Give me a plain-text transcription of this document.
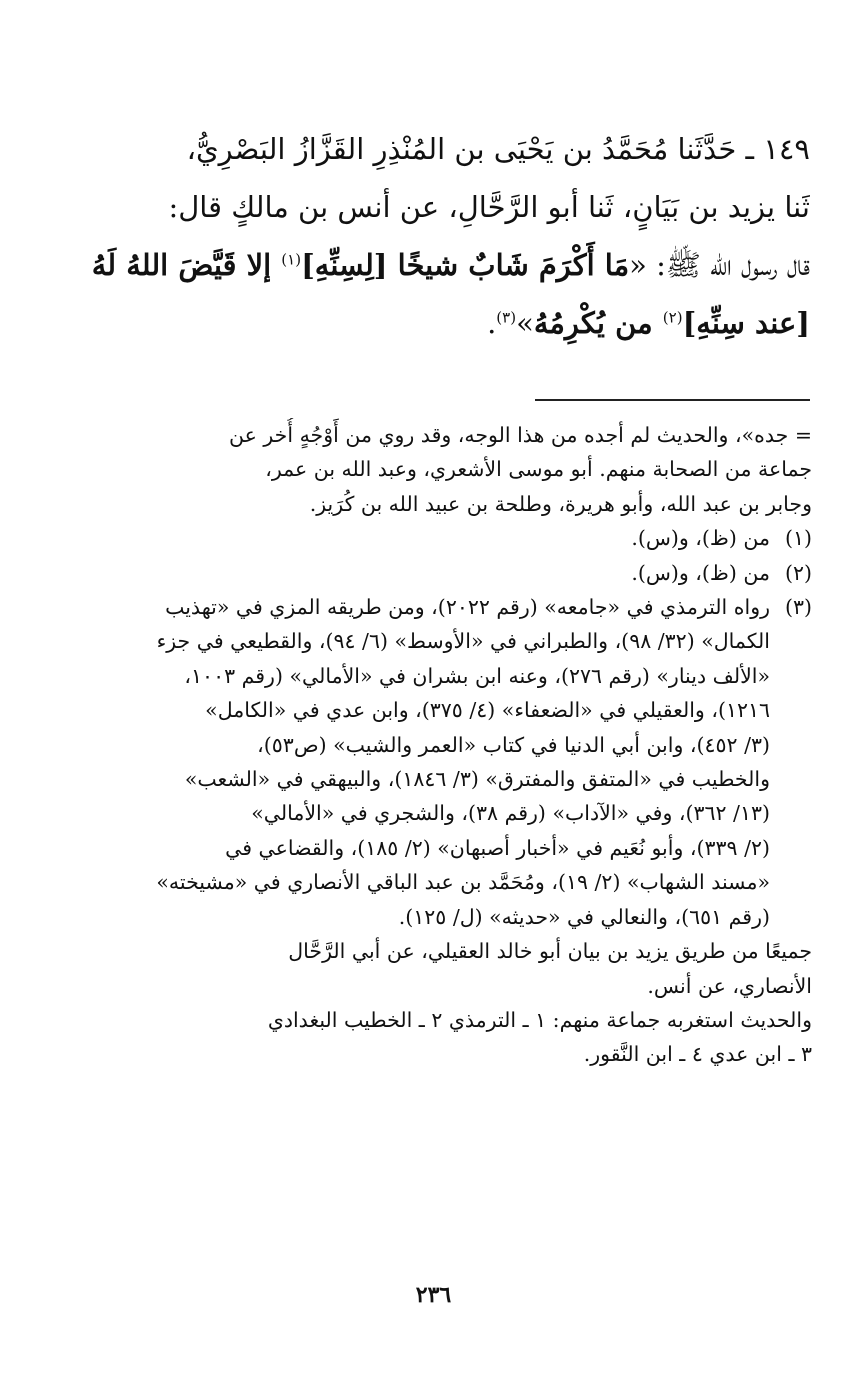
١٤٩ ـ حَدَّثَنا مُحَمَّدُ بن يَحْيَى بن المُنْذِرِ القَزَّازُ البَصْرِيُّ،
ثَنا يزيد بن بَيَانٍ، ثَنا أبو الرَّحَّالِ، عن أنس بن مالكٍ قال:
قال رسول الله ﷺ: «مَا أَكْرَمَ شَابٌ شيخًا [لِسِنِّهِ]$^{(١)}$ إلا قَيَّضَ اللهُ لَهُ
[عند سِنِّهِ]$^{(٢)}$ من يُكْرِمُهُ»$^{(٣)}$.
= جده»، والحديث لم أجده من هذا الوجه، وقد روي من أَوْجُهٍ أُخر عن
جماعة من الصحابة منهم. أبو موسى الأشعري، وعبد الله بن عمر،
وجابر بن عبد الله، وأبو هريرة، وطلحة بن عبيد الله بن كُرَيز.
(١)من (ظ)، و(س).
(٢)من (ظ)، و(س).
(٣)رواه الترمذي في «جامعه» (رقم ٢٠٢٢)، ومن طريقه المزي في «تهذيب
الكمال» (٣٢/ ٩٨)، والطبراني في «الأوسط» (٦/ ٩٤)، والقطيعي في جزء
«الألف دينار» (رقم ٢٧٦)، وعنه ابن بشران في «الأمالي» (رقم ١٠٠٣،
١٢١٦)، والعقيلي في «الضعفاء» (٤/ ٣٧٥)، وابن عدي في «الكامل»
(٣/ ٤٥٢)، وابن أبي الدنيا في كتاب «العمر والشيب» (ص٥٣)،
والخطيب في «المتفق والمفترق» (٣/ ١٨٤٦)، والبيهقي في «الشعب»
(١٣/ ٣٦٢)، وفي «الآداب» (رقم ٣٨)، والشجري في «الأمالي»
(٢/ ٣٣٩)، وأبو نُعَيم في «أخبار أصبهان» (٢/ ١٨٥)، والقضاعي في
«مسند الشهاب» (٢/ ١٩)، ومُحَمَّد بن عبد الباقي الأنصاري في «مشيخته»
(رقم ٦٥١)، والنعالي في «حديثه» (ل/ ١٢٥).
جميعًا من طريق يزيد بن بيان أبو خالد العقيلي، عن أبي الرَّحَّال
الأنصاري، عن أنس.
والحديث استغربه جماعة منهم: ١ ـ الترمذي ٢ ـ الخطيب البغدادي
٣ ـ ابن عدي ٤ ـ ابن النَّقور.
٢٣٦
